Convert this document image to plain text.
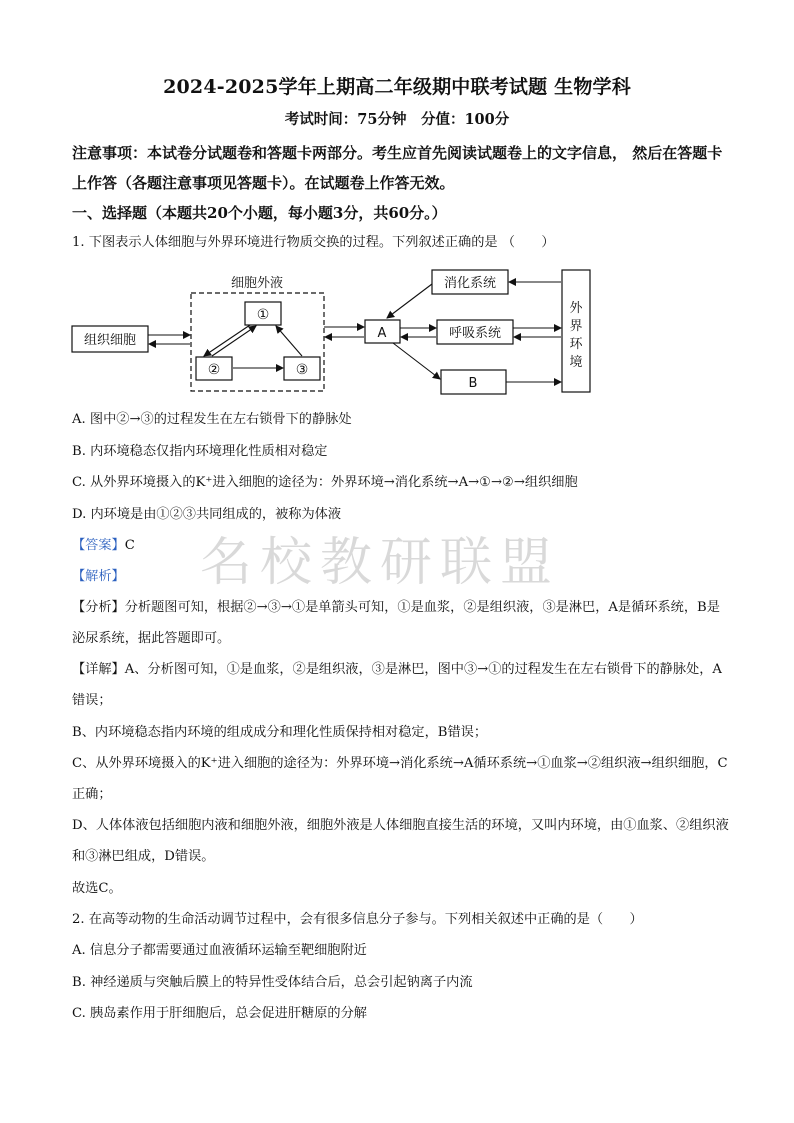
名校教研联盟
2024-2025学年上期高二年级期中联考试题 生物学科
考试时间：75分钟　分值：100分
注意事项：本试卷分试题卷和答题卡两部分。考生应首先阅读试题卷上的文字信息， 然后在答题卡上作答（各题注意事项见答题卡）。在试题卷上作答无效。
一、选择题（本题共20个小题，每小题3分，共60分。）
1. 下图表示人体细胞与外界环境进行物质交换的过程。下列叙述正确的是 （　　）
细胞外液
组织细胞
①
②	③
A
消化系统
呼吸系统
B
外
界
环
境
A. 图中②→③的过程发生在左右锁骨下的静脉处
B. 内环境稳态仅指内环境理化性质相对稳定
C. 从外界环境摄入的K⁺进入细胞的途径为：外界环境→消化系统→A→①→②→组织细胞
D. 内环境是由①②③共同组成的，被称为体液
【答案】C
【解析】
【分析】分析题图可知，根据②→③→①是单箭头可知，①是血浆，②是组织液，③是淋巴，A是循环系统，B是泌尿系统，据此答题即可。
【详解】A、分析图可知，①是血浆，②是组织液，③是淋巴，图中③→①的过程发生在左右锁骨下的静脉处，A错误；
B、内环境稳态指内环境的组成成分和理化性质保持相对稳定，B错误；
C、从外界环境摄入的K⁺进入细胞的途径为：外界环境→消化系统→A循环系统→①血浆→②组织液→组织细胞，C正确；
D、人体体液包括细胞内液和细胞外液，细胞外液是人体细胞直接生活的环境，又叫内环境，由①血浆、②组织液和③淋巴组成，D错误。
故选C。
2. 在高等动物的生命活动调节过程中，会有很多信息分子参与。下列相关叙述中正确的是（　　）
A. 信息分子都需要通过血液循环运输至靶细胞附近
B. 神经递质与突触后膜上的特异性受体结合后，总会引起钠离子内流
C. 胰岛素作用于肝细胞后，总会促进肝糖原的分解
